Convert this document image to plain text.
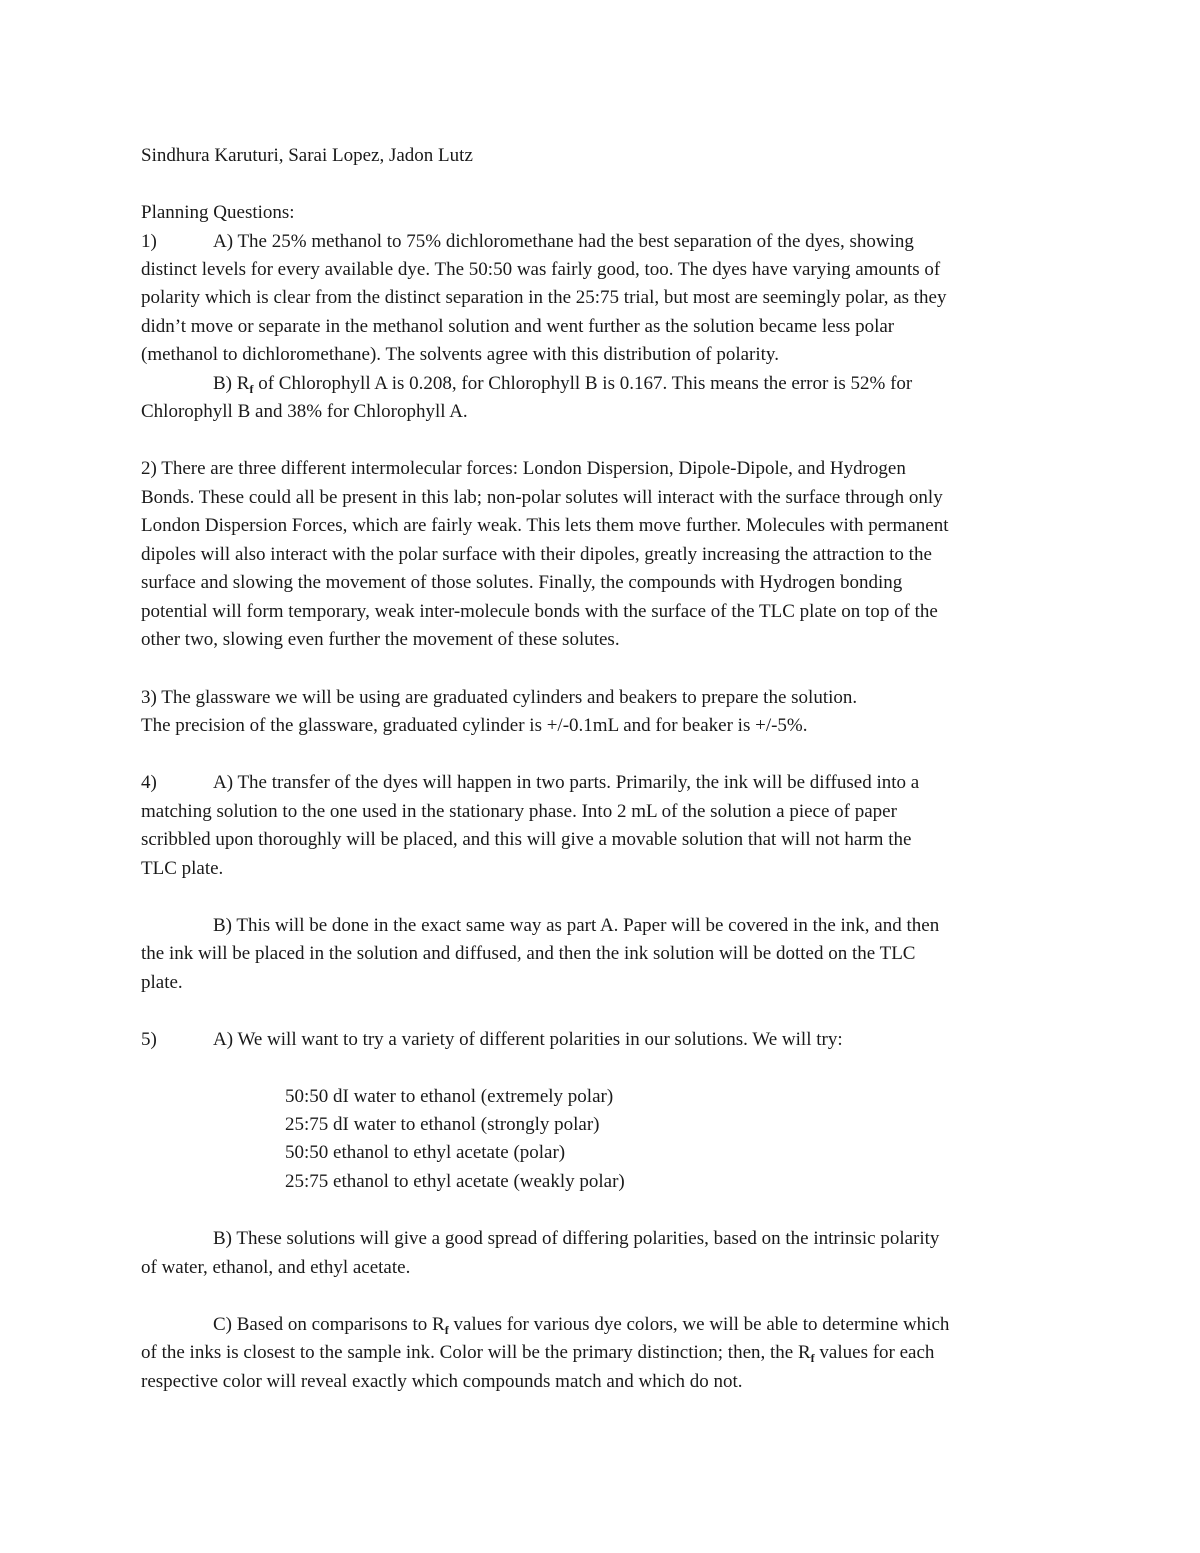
Sindhura Karuturi, Sarai Lopez, Jadon Lutz
Planning Questions:
1)	A) The 25% methanol to 75% dichloromethane had the best separation of the dyes, showing
distinct levels for every available dye. The 50:50 was fairly good, too. The dyes have varying amounts of
polarity which is clear from the distinct separation in the 25:75 trial, but most are seemingly polar, as they
didn’t move or separate in the methanol solution and went further as the solution became less polar
(methanol to dichloromethane). The solvents agree with this distribution of polarity.
B) $R_f$ of Chlorophyll A is 0.208, for Chlorophyll B is 0.167. This means the error is 52% for
Chlorophyll B and 38% for Chlorophyll A.
2) There are three different intermolecular forces: London Dispersion, Dipole-Dipole, and Hydrogen
Bonds. These could all be present in this lab; non-polar solutes will interact with the surface through only
London Dispersion Forces, which are fairly weak. This lets them move further. Molecules with permanent
dipoles will also interact with the polar surface with their dipoles, greatly increasing the attraction to the
surface and slowing the movement of those solutes. Finally, the compounds with Hydrogen bonding
potential will form temporary, weak inter-molecule bonds with the surface of the TLC plate on top of the
other two, slowing even further the movement of these solutes.
3) The glassware we will be using are graduated cylinders and beakers to prepare the solution.
The precision of the glassware, graduated cylinder is +/-0.1mL and for beaker is +/-5%.
4)	A) The transfer of the dyes will happen in two parts. Primarily, the ink will be diffused into a
matching solution to the one used in the stationary phase. Into 2 mL of the solution a piece of paper
scribbled upon thoroughly will be placed, and this will give a movable solution that will not harm the
TLC plate.
B) This will be done in the exact same way as part A. Paper will be covered in the ink, and then
the ink will be placed in the solution and diffused, and then the ink solution will be dotted on the TLC
plate.
5)	A) We will want to try a variety of different polarities in our solutions. We will try:
50:50 dI water to ethanol (extremely polar)
25:75 dI water to ethanol (strongly polar)
50:50 ethanol to ethyl acetate (polar)
25:75 ethanol to ethyl acetate (weakly polar)
B) These solutions will give a good spread of differing polarities, based on the intrinsic polarity
of water, ethanol, and ethyl acetate.
C) Based on comparisons to $R_f$ values for various dye colors, we will be able to determine which
of the inks is closest to the sample ink. Color will be the primary distinction; then, the $R_f$ values for each
respective color will reveal exactly which compounds match and which do not.
